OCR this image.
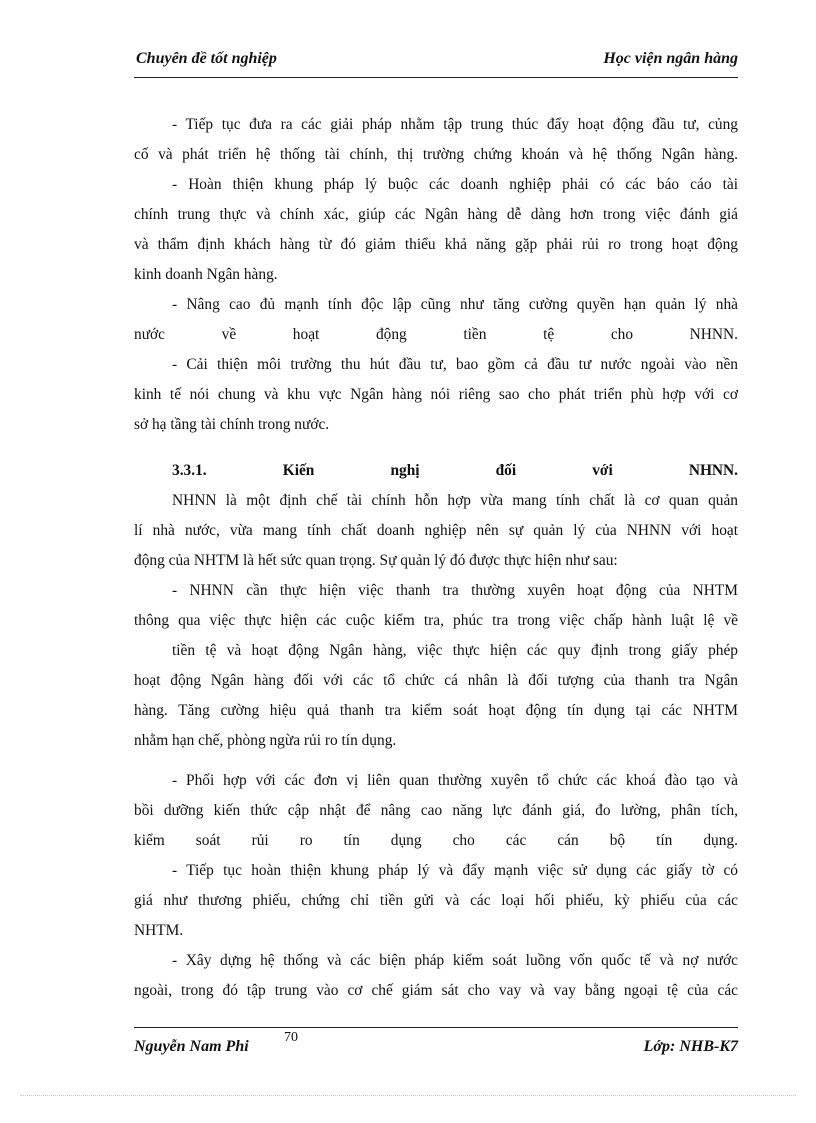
Chuyên đề tốt nghiệp	Học viện ngân hàng
- Tiếp tục đưa ra các giải pháp nhằm tập trung thúc đẩy hoạt động đầu tư, củng
cố và phát triển hệ thống tài chính, thị trường chứng khoán và hệ thống Ngân hàng.
- Hoàn thiện khung pháp lý buộc các doanh nghiệp phải có các báo cáo tài
chính trung thực và chính xác, giúp các Ngân hàng dễ dàng hơn trong việc đánh giá
và thẩm định khách hàng từ đó giảm thiểu khả năng gặp phải rủi ro trong hoạt động
kinh doanh Ngân hàng.
- Nâng cao đủ mạnh tính độc lập cũng như tăng cường quyền hạn quản lý nhà
nước về hoạt động tiền tệ cho NHNN.
- Cải thiện môi trường thu hút đầu tư, bao gồm cả đầu tư nước ngoài vào nền
kinh tế nói chung và khu vực Ngân hàng nói riêng sao cho phát triển phù hợp với cơ
sở hạ tầng tài chính trong nước.
3.3.1. Kiến nghị đối với NHNN.
NHNN là một định chế tài chính hỗn hợp vừa mang tính chất là cơ quan quản
lí nhà nước, vừa mang tính chất doanh nghiệp nên sự quản lý của NHNN với hoạt
động của NHTM là hết sức quan trọng. Sự quản lý đó được thực hiện như sau:
- NHNN cần thực hiện việc thanh tra thường xuyên hoạt động của NHTM
thông qua việc thực hiện các cuộc kiểm tra, phúc tra trong việc chấp hành luật lệ về
tiền tệ và hoạt động Ngân hàng, việc thực hiện các quy định trong giấy phép
hoạt động Ngân hàng đối với các tổ chức cá nhân là đối tượng của thanh tra Ngân
hàng. Tăng cường hiệu quả thanh tra kiểm soát hoạt động tín dụng tại các NHTM
nhằm hạn chế, phòng ngừa rủi ro tín dụng.
- Phối hợp với các đơn vị liên quan thường xuyên tổ chức các khoá đào tạo và
bồi dưỡng kiến thức cập nhật để nâng cao năng lực đánh giá, đo lường, phân tích,
kiểm soát rủi ro tín dụng cho các cán bộ tín dụng.
- Tiếp tục hoàn thiện khung pháp lý và đẩy mạnh việc sử dụng các giấy tờ có
giá như thương phiếu, chứng chỉ tiền gửi và các loại hối phiếu, kỳ phiếu của các
NHTM.
- Xây dựng hệ thống và các biện pháp kiểm soát luồng vốn quốc tế và nợ nước
ngoài, trong đó tập trung vào cơ chế giám sát cho vay và vay bằng ngoại tệ của các
Nguyễn Nam Phi
70
Lớp: NHB-K7
